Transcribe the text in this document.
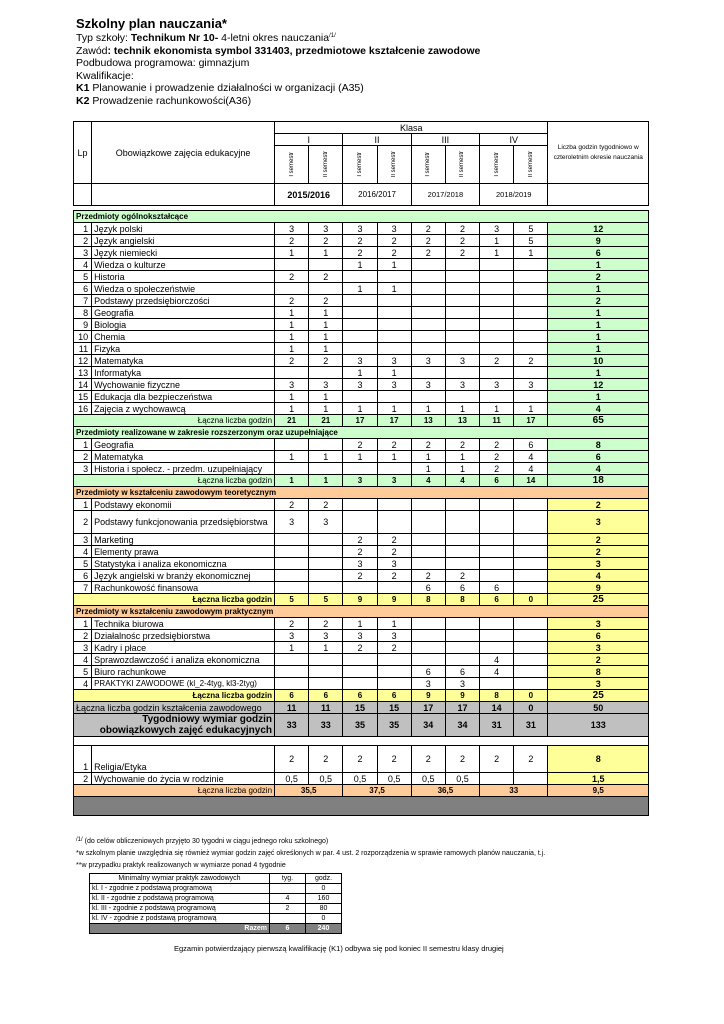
Szkolny plan nauczania*
Typ szkoły: Technikum Nr 10- 4-letni okres nauczania$^{/1/}$
Zawód: technik ekonomista symbol 331403, przedmiotowe kształcenie zawodowe
Podbudowa programowa: gimnazjum
Kwalifikacje:
K1 Planowanie i prowadzenie działalności w organizacji (A35)
K2 Prowadzenie rachunkowości(A36)
Lp	Obowiązkowe zajęcia edukacyjne	Klasa								Liczba godzin tygodniowo w czteroletnim okresie nauczania
		I		II		III		IV		

		I semestr	II semestr	I semestr	II semestr	I semestr	II semestr	I semestr	II semestr	

		2015/2016		2016/2017		2017/2018		2018/2019		

Przedmioty ogólnokształcące										
1	Język polski	3	3	3	3	2	2	3	5	12
2	Język angielski	2	2	2	2	2	2	1	5	9
3	Język niemiecki	1	1	2	2	2	2	1	1	6
4	Wiedza o kulturze			1	1					1
5	Historia	2	2							2
6	Wiedza o społeczeństwie			1	1					1
7	Podstawy przedsiębiorczości	2	2							2
8	Geografia	1	1							1
9	Biologia	1	1							1
10	Chemia	1	1							1
11	Fizyka	1	1							1
12	Matematyka	2	2	3	3	3	3	2	2	10
13	Informatyka			1	1					1
14	Wychowanie fizyczne	3	3	3	3	3	3	3	3	12
15	Edukacja dla bezpieczeństwa	1	1							1
16	Zajęcia z wychowawcą	1	1	1	1	1	1	1	1	4
Łączna liczba godzin		21	21	17	17	13	13	11	17	65
Przedmioty realizowane w zakresie rozszerzonym oraz uzupełniające										
1	Geografia			2	2	2	2	2	6	8
2	Matematyka	1	1	1	1	1	1	2	4	6
3	Historia i społecz. - przedm. uzupełniający					1	1	2	4	4
Łączna liczba godzin		1	1	3	3	4	4	6	14	18
Przedmioty w kształceniu zawodowym teoretycznym										
1	Podstawy ekonomii	2	2							2
2	Podstawy funkcjonowania przedsiębiorstwa	3	3							3
3	Marketing			2	2					2
4	Elementy prawa			2	2					2
5	Statystyka i analiza ekonomiczna			3	3					3
6	Język angielski w branży ekonomicznej			2	2	2	2			4
7	Rachunkowość finansowa					6	6	6		9
Łączna liczba godzin		5	5	9	9	8	8	6	0	25
Przedmioty w kształceniu zawodowym praktycznym										
1	Technika biurowa	2	2	1	1					3
2	Działalnośc przedsiębiorstwa	3	3	3	3					6
3	Kadry i płace	1	1	2	2					3
4	Sprawozdawczość i analiza ekonomiczna							4		2
5	Biuro rachunkowe					6	6	4		8
4	PRAKTYKI ZAWODOWE (kl_2-4tyg, kl3-2tyg)					3	3			3
Łączna liczba godzin		6	6	6	6	9	9	8	0	25
Łączna liczba godzin kształcenia zawodowego		11	11	15	15	17	17	14	0	50
Tygodniowy wymiar godzin obowiązkowych zajęć edukacyjnych		33	33	35	35	34	34	31	31	133

1	Religia/Etyka	2	2	2	2	2	2	2	2	8
2	Wychowanie do życia w rodzinie	0,5	0,5	0,5	0,5	0,5	0,5			1,5
Łączna liczba godzin		35,5		37,5		36,5		33		9,5

$^{/1/}$ (do celów obliczeniowych przyjęto 30 tygodni w ciągu jednego roku szkolnego)
*w szkolnym planie uwzględnia się również wymiar godzin zajęć określonych w par. 4 ust. 2 rozporządzenia w sprawie ramowych planów nauczania, t.j.
**w przypadku praktyk realizowanych w wymiarze ponad 4 tygodnie
Minimalny wymiar praktyk zawodowych	tyg.	godz.
kl. I - zgodnie z podstawą programową		0
kl. II - zgodnie z podstawą programową	4	160
kl. III - zgodnie z podstawą programową	2	80
kl. IV - zgodnie z podstawą programową		0
Razem	6	240
Egzamin potwierdzający pierwszą kwalifikację (K1) odbywa się pod koniec II semestru klasy drugiej
